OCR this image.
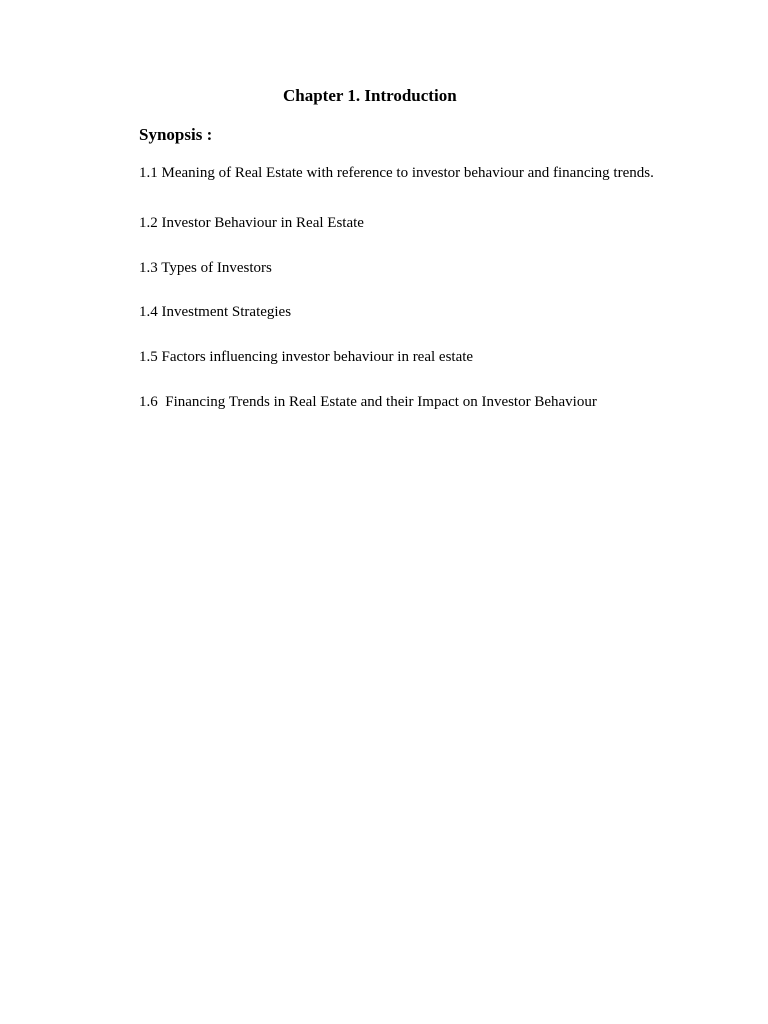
Chapter 1. Introduction
Synopsis :

1.1 Meaning of Real Estate with reference to investor behaviour and financing trends.

1.2 Investor Behaviour in Real Estate

1.3 Types of Investors

1.4 Investment Strategies

1.5 Factors influencing investor behaviour in real estate

1.6  Financing Trends in Real Estate and their Impact on Investor Behaviour
